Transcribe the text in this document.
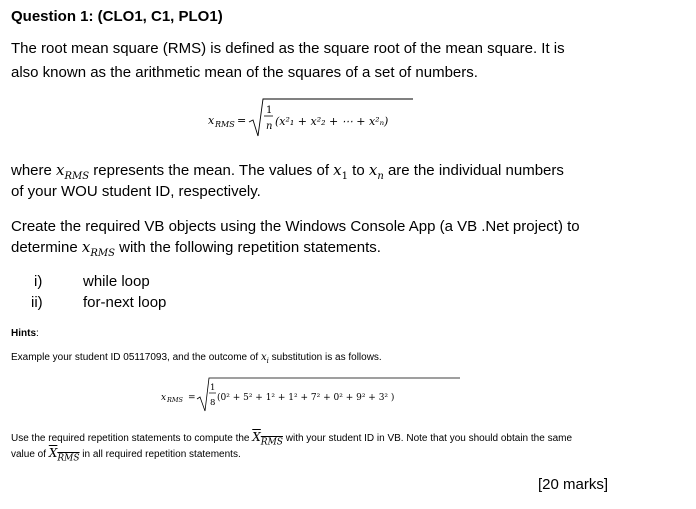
Question 1: (CLO1, C1, PLO1)
The root mean square (RMS) is defined as the square root of the mean square. It is
also known as the arithmetic mean of the squares of a set of numbers.
x RMS =
1
n (x²₁ + x²₂ + ⋯ + x²ₙ)
where $x_{RMS}$ represents the mean. The values of $x_1$ to $x_n$ are the individual numbers
of your WOU student ID, respectively.
Create the required VB objects using the Windows Console App (a VB .Net project) to
determine $x_{RMS}$ with the following repetition statements.
i)	while loop
ii)	for-next loop
Hints:
Example your student ID 05117093, and the outcome of $x_i$ substitution is as follows.
x RMS =
1
8 (0² + 5² + 1² + 1² + 7² + 0² + 9² + 3² )
Use the required repetition statements to compute the $X_{RMS}$ with your student ID in VB. Note that you should obtain the same
value of $X_{RMS}$ in all required repetition statements.
[20 marks]
